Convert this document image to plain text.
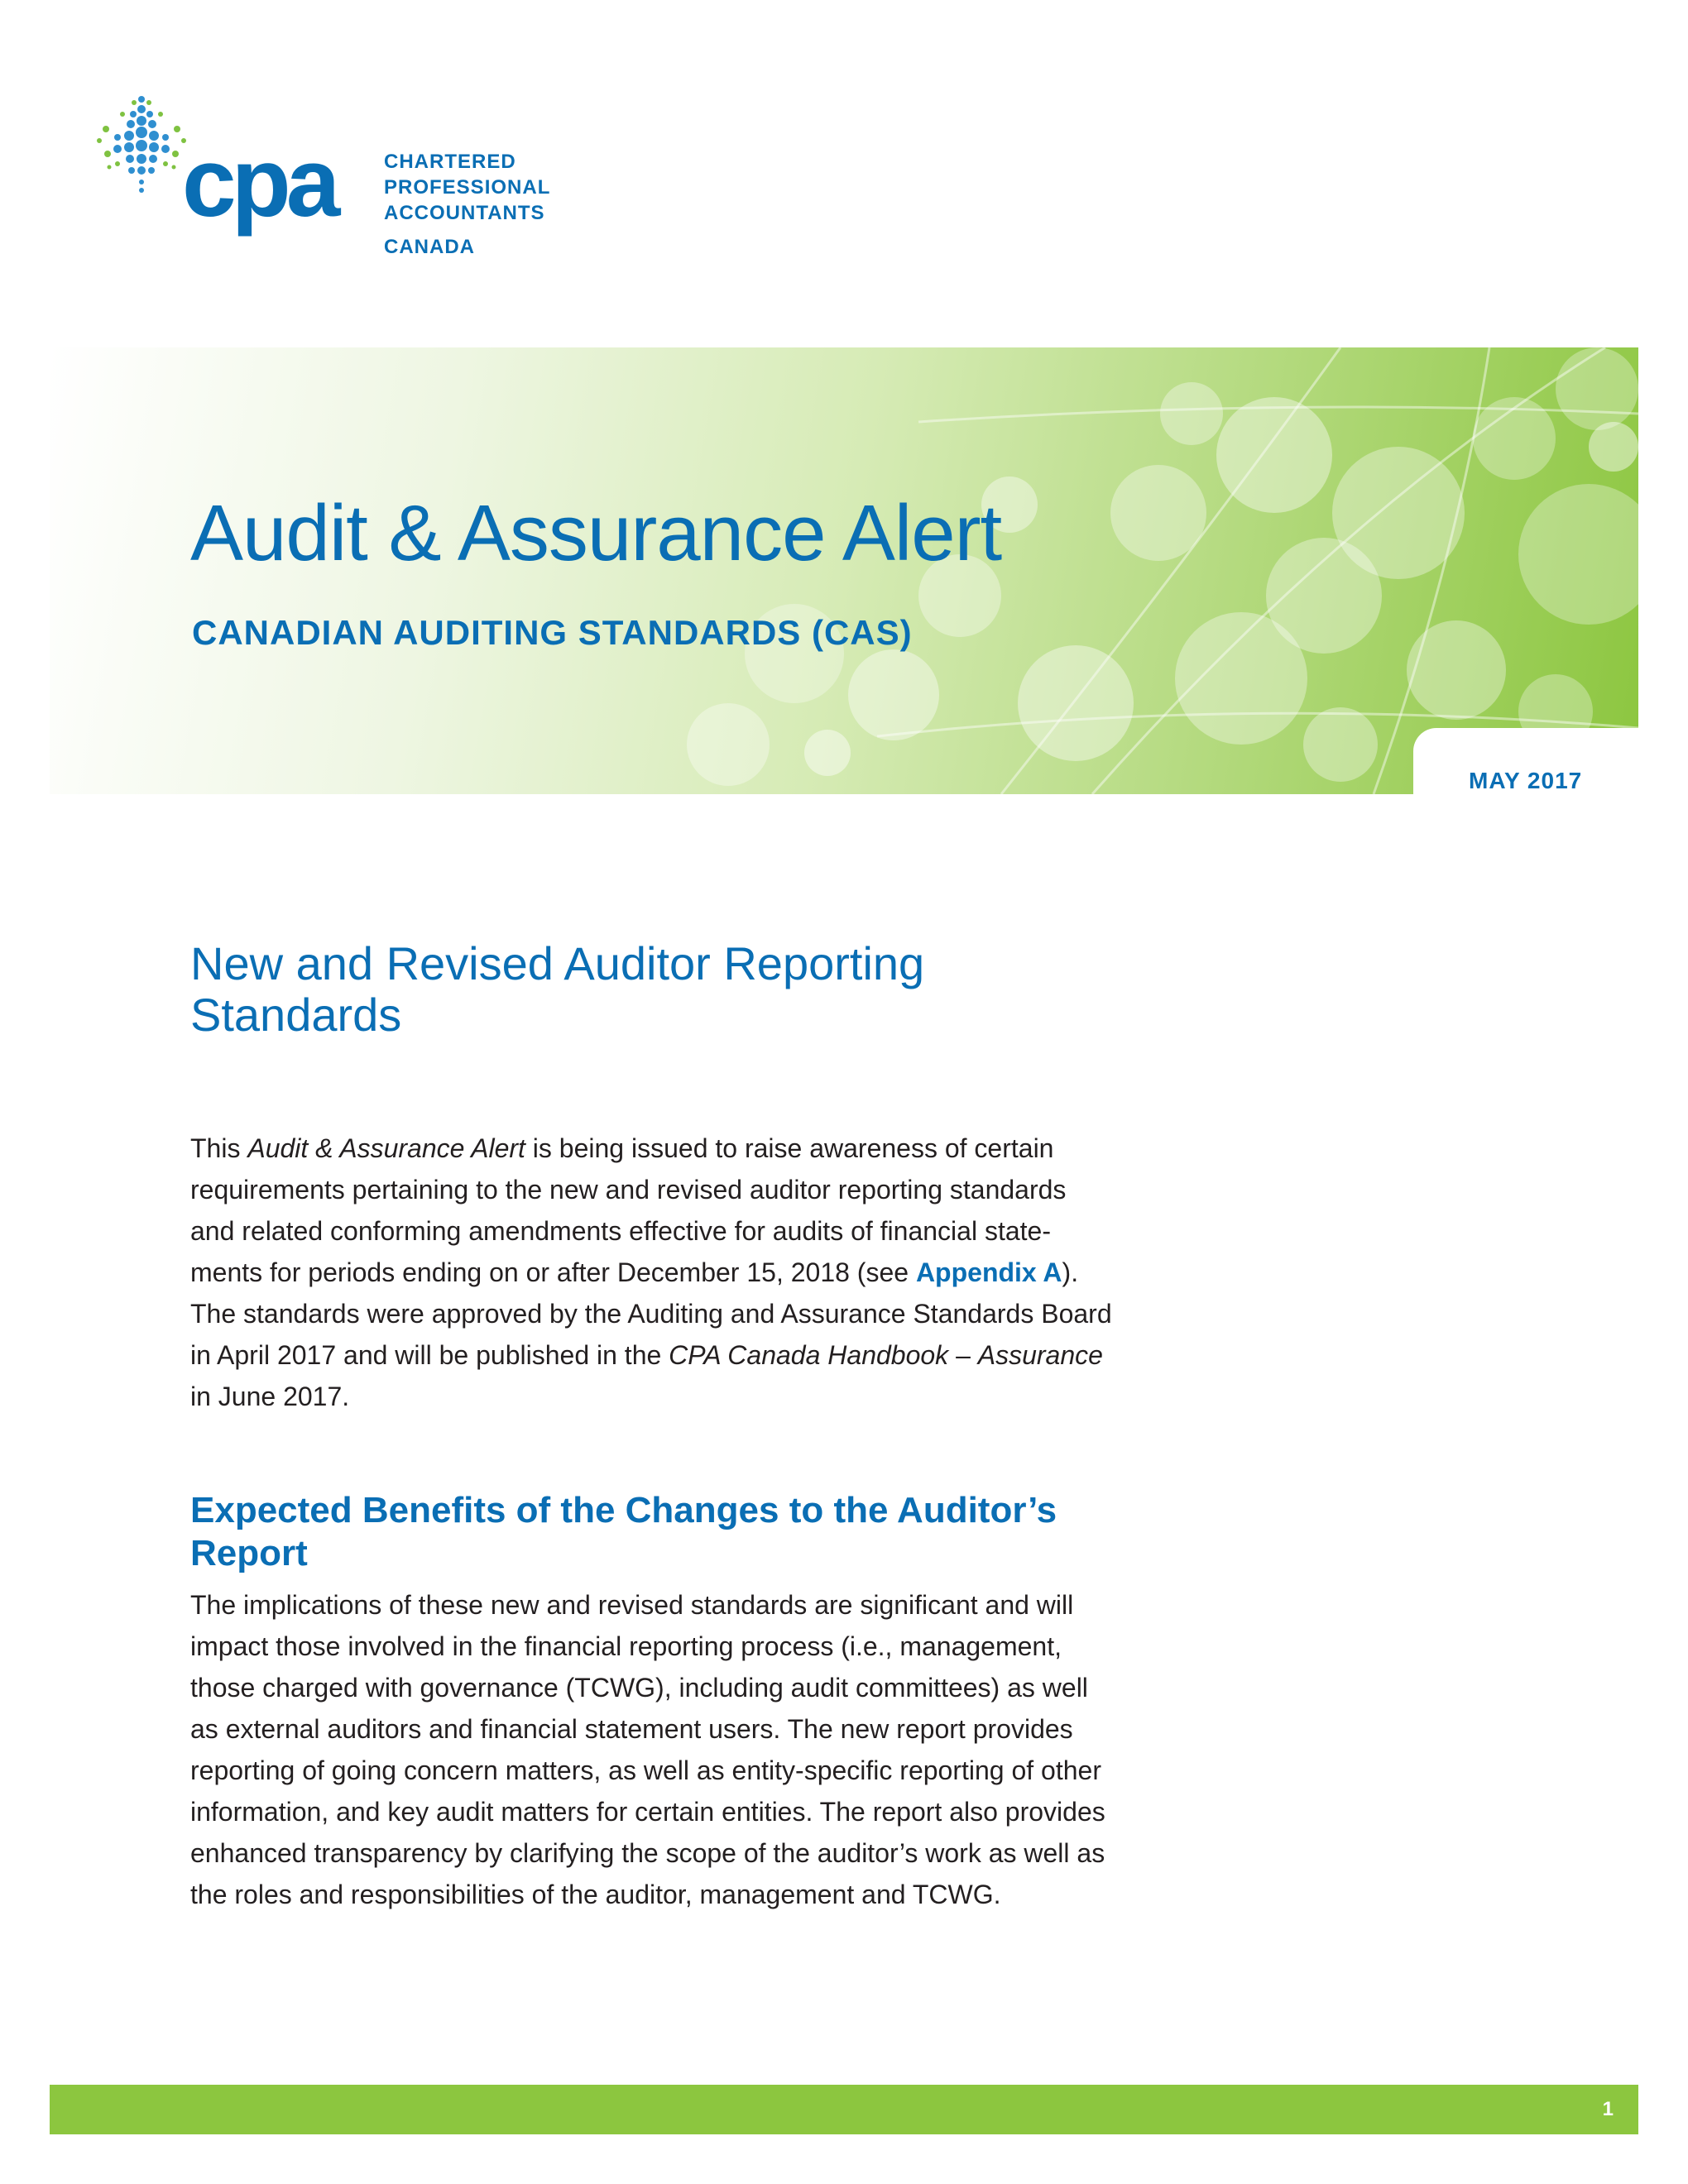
cpa CHARTERED
PROFESSIONAL
ACCOUNTANTS
CANADA
Audit & Assurance Alert
CANADIAN AUDITING STANDARDS (CAS)
MAY 2017
New and Revised Auditor Reporting
Standards
This Audit & Assurance Alert is being issued to raise awareness of certain
requirements pertaining to the new and revised auditor reporting standards
and related conforming amendments effective for audits of financial state-
ments for periods ending on or after December 15, 2018 (see Appendix A).
The standards were approved by the Auditing and Assurance Standards Board
in April 2017 and will be published in the CPA Canada Handbook – Assurance
in June 2017.
Expected Benefits of the Changes to the Auditor’s
Report
The implications of these new and revised standards are significant and will
impact those involved in the financial reporting process (i.e., management,
those charged with governance (TCWG), including audit committees) as well
as external auditors and financial statement users. The new report provides
reporting of going concern matters, as well as entity-specific reporting of other
information, and key audit matters for certain entities. The report also provides
enhanced transparency by clarifying the scope of the auditor’s work as well as
the roles and responsibilities of the auditor, management and TCWG.
1
